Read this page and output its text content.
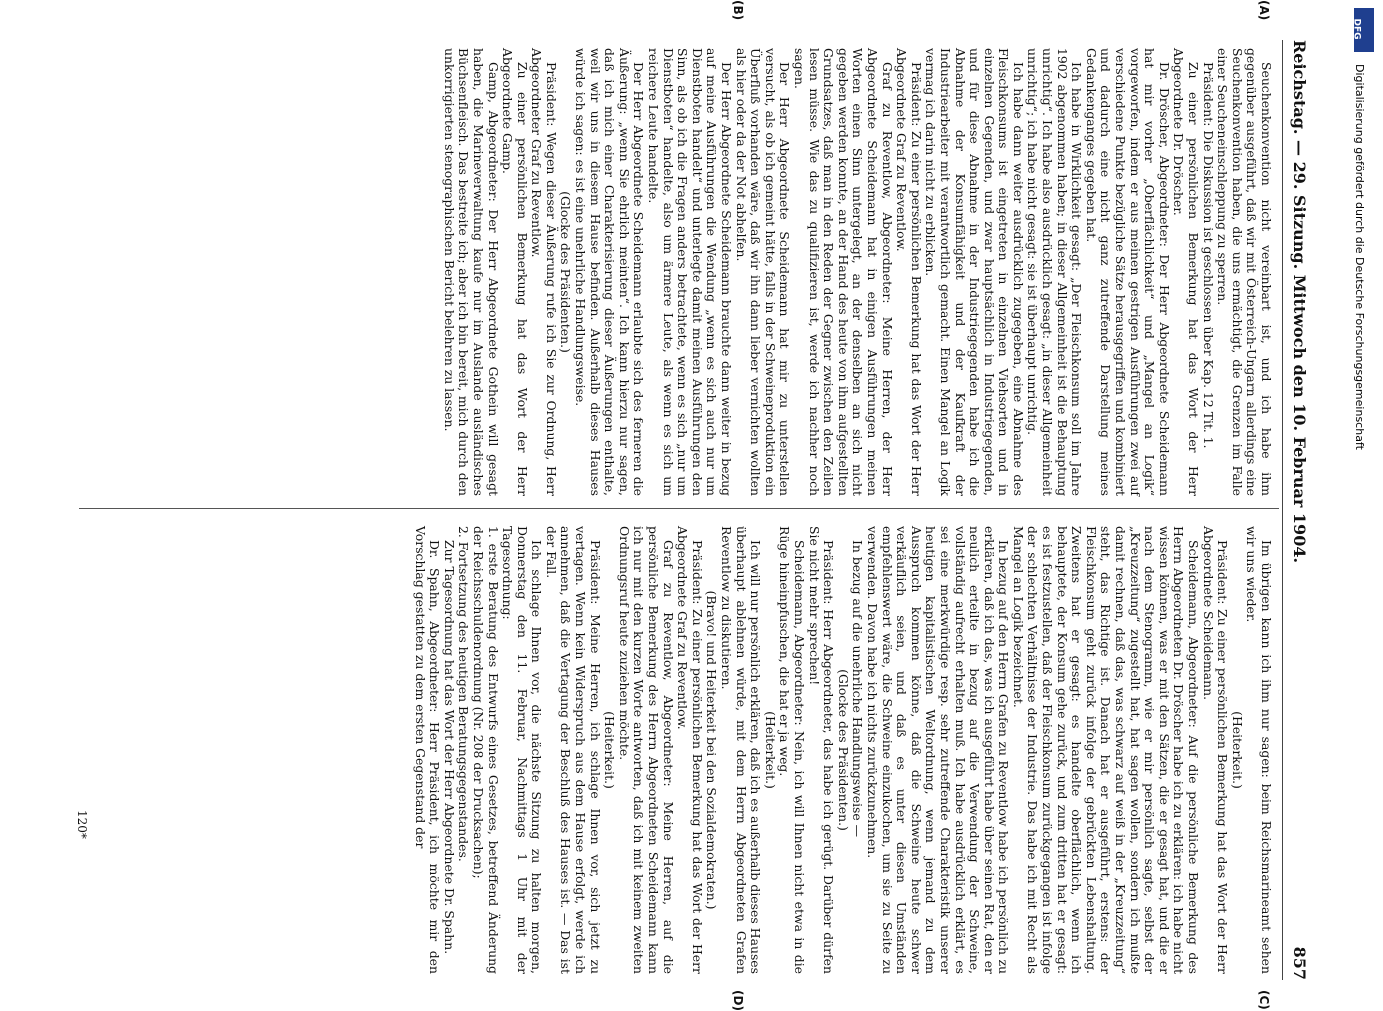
Reichstag. — 29. Sitzung. Mittwoch den 10. Februar 1904.
857
(A)
(B)
(C)
(D)

Seuchenkonvention nicht vereinbart ist, und ich habe ihm gegenüber ausgeführt, daß wir mit Österreich-Ungarn allerdings eine Seuchenkonvention haben, die uns ermächtigt, die Grenzen im Falle einer Seucheneinschleppung zu sperren.

Präsident: Die Diskussion ist geschlossen über Kap. 12 Tit. 1.

Zu einer persönlichen Bemerkung hat das Wort der Herr Abgeordnete Dr. Dröscher.

Dr. Dröscher, Abgeordneter: Der Herr Abgeordnete Scheidemann hat mir vorher „Oberflächlichkeit“ und „Mangel an Logik“ vorgeworfen, indem er aus meinen gestrigen Ausführungen zwei auf verschiedene Punkte bezügliche Sätze herausgegriffen und kombiniert und dadurch eine nicht ganz zutreffende Darstellung meines Gedankenganges gegeben hat.

Ich habe in Wirklichkeit gesagt: „Der Fleischkonsum soll im Jahre 1902 abgenommen haben; in dieser Allgemeinheit ist die Behauptung unrichtig“. Ich habe also ausdrücklich gesagt: „in dieser Allgemeinheit unrichtig“; ich habe nicht gesagt: sie ist überhaupt unrichtig.

Ich habe dann weiter ausdrücklich zugegeben, eine Abnahme des Fleischkonsums ist eingetreten in einzelnen Viehsorten und in einzelnen Gegenden, und zwar hauptsächlich in Industriegegenden, und für diese Abnahme in der Industriegegenden habe ich die Abnahme der Konsumfähigkeit und der Kaufkraft der Industriearbeiter mit verantwortlich gemacht. Einen Mangel an Logik vermag ich darin nicht zu erblicken.

Präsident: Zu einer persönlichen Bemerkung hat das Wort der Herr Abgeordnete Graf zu Reventlow.

Graf zu Reventlow, Abgeordneter: Meine Herren, der Herr Abgeordnete Scheidemann hat in einigen Ausführungen meinen Worten einen Sinn untergelegt, an der denselben an sich nicht gegeben werden konnte, an der Hand des heute von ihm aufgestellten Grundsatzes, daß man in den Reden der Gegner zwischen den Zeilen lesen müsse. Wie das zu qualifizieren ist, werde ich nachher noch sagen.

Der Herr Abgeordnete Scheidemann hat mir zu unterstellen versucht, als ob ich gemeint hätte, falls in der Schweineproduktion ein Überfluß vorhanden wäre, daß wir ihn dann lieber vernichten wollten als hier oder da der Not abhelfen.

Der Herr Abgeordnete Scheidemann brauchte dann weiter in bezug auf meine Ausführungen die Wendung „wenn es sich auch nur um Dienstboten handelt“ und unterlegte damit meinen Ausführungen den Sinn, als ob ich die Fragen anders betrachtete, wenn es sich „nur um Dienstboten“ handelte, also um ärmere Leute, als wenn es sich um reichere Leute handelte.

Der Herr Abgeordnete Scheidemann erlaubte sich des ferneren die Äußerung: „wenn Sie ehrlich meinten“. Ich kann hierzu nur sagen, daß ich mich einer Charakterisierung dieser Äußerungen enthalte, weil wir uns in diesem Hause befinden. Außerhalb dieses Hauses würde ich sagen: es ist eine unehrliche Handlungsweise.

(Glocke des Präsidenten.)

Präsident: Wegen dieser Äußerung rufe ich Sie zur Ordnung, Herr Abgeordneter Graf zu Reventlow.

Zu einer persönlichen Bemerkung hat das Wort der Herr Abgeordnete Gamp.

Gamp, Abgeordneter: Der Herr Abgeordnete Gothein will gesagt haben, die Marineverwaltung kaufe nur im Auslande ausländisches Büchsenfleisch. Das bestreite ich; aber ich bin bereit, mich durch den unkorrigierten stenographischen Bericht belehren zu lassen.

Im übrigen kann ich ihm nur sagen: beim Reichsmarineamt sehen wir uns wieder.

(Heiterkeit.)

Präsident: Zu einer persönlichen Bemerkung hat das Wort der Herr Abgeordnete Scheidemann.

Scheidemann, Abgeordneter: Auf die persönliche Bemerkung des Herrn Abgeordneten Dr. Dröscher habe ich zu erklären: ich habe nicht wissen können, was er mit den Sätzen, die er gesagt hat, und die er nach dem Stenogramm, wie er mir persönlich sagte, selbst der „Kreuzzeitung“ zugestellt hat, hat sagen wollen, sondern ich mußte damit rechnen, daß das, was schwarz auf weiß in der „Kreuzzeitung“ steht, das Richtige ist. Danach hat er ausgeführt, erstens: der Fleischkonsum geht zurück infolge der gebrückten Lebenshaltung. Zweitens hat er gesagt: es handelte oberflächlich, wenn ich behauptete, der Konsum gehe zurück, und zum dritten hat er gesagt: es ist festzustellen, daß der Fleischkonsum zurückgegangen ist infolge der schlechten Verhältnisse der Industrie. Das habe ich mit Recht als Mangel an Logik bezeichnet.

In bezug auf den Herrn Grafen zu Reventlow habe ich persönlich zu erklären, daß ich das, was ich ausgeführt habe über seinen Rat, den er neulich erteilte in bezug auf die Verwendung der Schweine, vollständig aufrecht erhalten muß. Ich habe ausdrücklich erklärt, es sei eine merkwürdige resp. sehr zutreffende Charakteristik unserer heutigen kapitalistischen Weltordnung, wenn jemand zu dem Ausspruch kommen könne, daß die Schweine heute schwer verkäuflich seien, und daß es unter diesen Umständen empfehlenswert wäre, die Schweine einzukochen, um sie zu Seite zu verwenden. Davon habe ich nichts zurückzunehmen.

In bezug auf die unehrliche Handlungsweise —

(Glocke des Präsidenten.)

Präsident: Herr Abgeordneter, das habe ich gerügt. Darüber dürfen Sie nicht mehr sprechen!

Scheidemann, Abgeordneter: Nein, ich will Ihnen nicht etwa in die Rüge hineinpfuschen, die hat er ja weg.

(Heiterkeit.)

Ich will nur persönlich erklären, daß ich es außerhalb dieses Hauses überhaupt ablehnen würde, mit dem Herrn Abgeordneten Grafen Reventlow zu diskutieren.

(Bravo! und Heiterkeit bei den Sozialdemokraten.)

Präsident: Zu einer persönlichen Bemerkung hat das Wort der Herr Abgeordnete Graf zu Reventlow.

Graf zu Reventlow, Abgeordneter: Meine Herren, auf die persönliche Bemerkung des Herrn Abgeordneten Scheidemann kann ich nur mit den kurzen Worte antworten, daß ich mit keinem zweiten Ordnungsruf heute zuziehen möchte.

(Heiterkeit.)

Präsident: Meine Herren, ich schlage Ihnen vor, sich jetzt zu vertagen. Wenn kein Widerspruch aus dem Hause erfolgt, werde ich annehmen, daß die Vertagung der Beschluß des Hauses ist. — Das ist der Fall.

Ich schlage Ihnen vor, die nächste Sitzung zu halten morgen, Donnerstag den 11. Februar, Nachmittags 1 Uhr mit der Tagesordnung:

1. erste Beratung des Entwurfs eines Gesetzes, betreffend Änderung der Reichsschuldenordnung (Nr. 208 der Drucksachen);

2. Fortsetzung des heutigen Beratungsgegenstandes.

Zur Tagesordnung hat das Wort der Herr Abgeordnete Dr. Spahn.

Dr. Spahn, Abgeordneter: Herr Präsident, ich möchte mir den Vorschlag gestatten zu dem ersten Gegenstand der

120*
DFG
Digitalisierung gefördert durch die Deutsche Forschungsgemeinschaft
